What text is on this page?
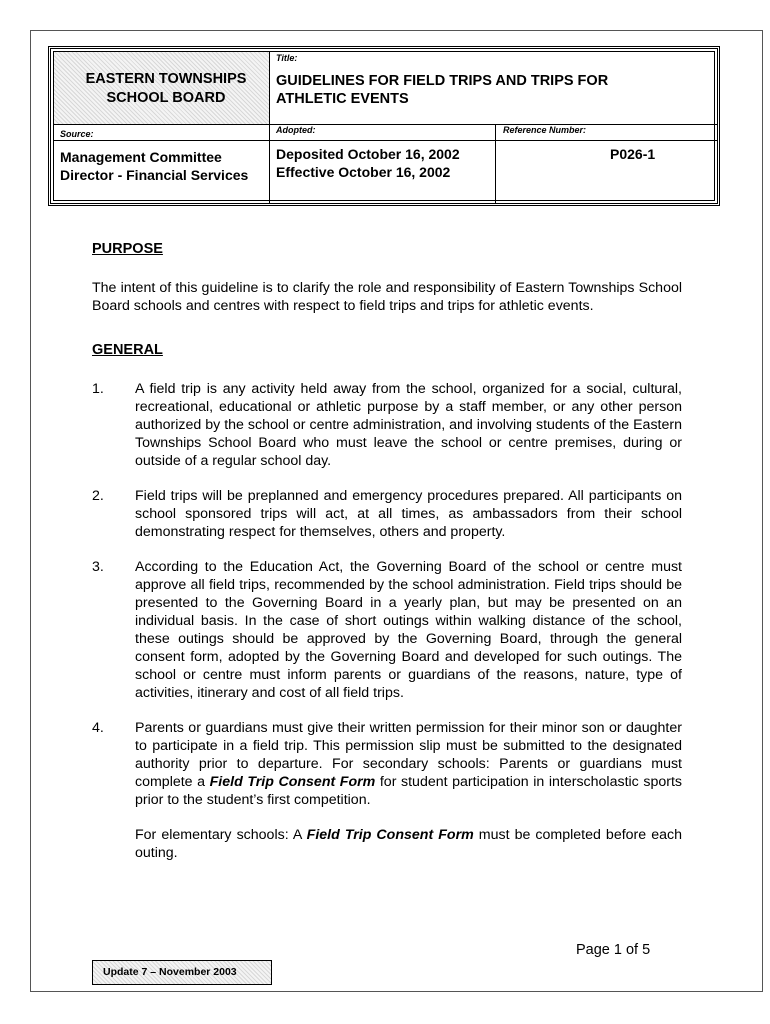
EASTERN TOWNSHIPS
SCHOOL BOARD
Title:
GUIDELINES FOR FIELD TRIPS AND TRIPS FOR
ATHLETIC EVENTS
Source:
Management Committee
Director - Financial Services
Adopted:
Deposited October 16, 2002
Effective October 16, 2002
Reference Number:
P026-1
PURPOSE

The intent of this guideline is to clarify the role and responsibility of Eastern Townships School Board schools and centres with respect to field trips and trips for athletic events.

GENERAL
1. A field trip is any activity held away from the school, organized for a social, cultural, recreational, educational or athletic purpose by a staff member, or any other person authorized by the school or centre administration, and involving students of the Eastern Townships School Board who must leave the school or centre premises, during or outside of a regular school day.
2. Field trips will be preplanned and emergency procedures prepared. All participants on school sponsored trips will act, at all times, as ambassadors from their school demonstrating respect for themselves, others and property.
3. According to the Education Act, the Governing Board of the school or centre must approve all field trips, recommended by the school administration. Field trips should be presented to the Governing Board in a yearly plan, but may be presented on an individual basis. In the case of short outings within walking distance of the school, these outings should be approved by the Governing Board, through the general consent form, adopted by the Governing Board and developed for such outings. The school or centre must inform parents or guardians of the reasons, nature, type of activities, itinerary and cost of all field trips.
4. Parents or guardians must give their written permission for their minor son or daughter to participate in a field trip. This permission slip must be submitted to the designated authority prior to departure. For secondary schools: Parents or guardians must complete a Field Trip Consent Form for student participation in interscholastic sports prior to the student’s first competition.

For elementary schools: A Field Trip Consent Form must be completed before each outing.

Page 1 of 5
Update 7 – November 2003
